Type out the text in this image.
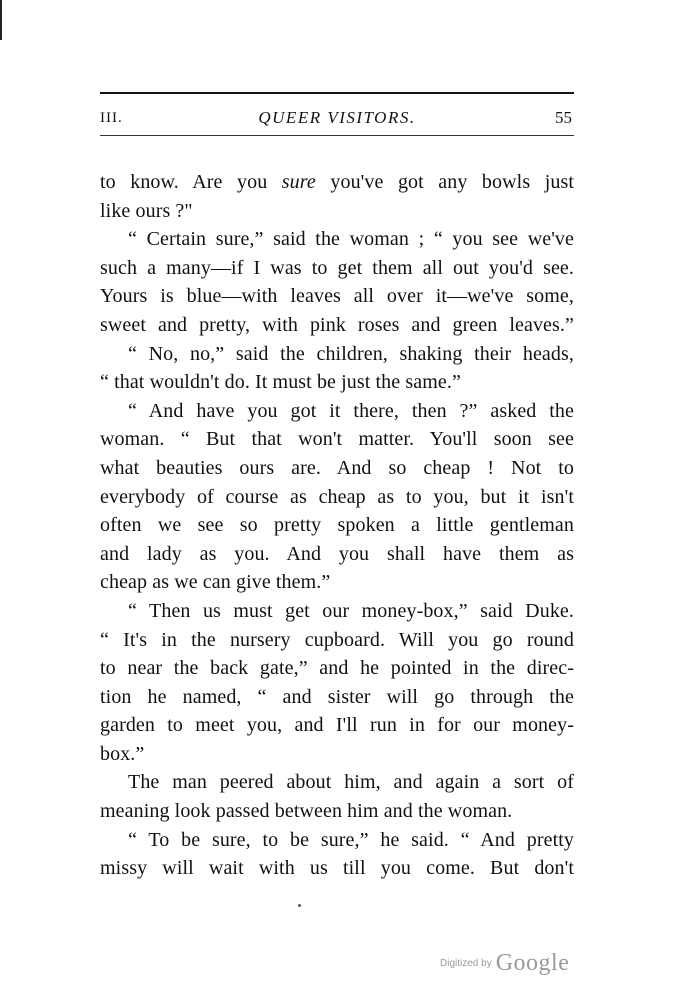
III.	QUEER VISITORS.	55

to know. Are you sure you've got any bowls just

like ours ?"

“ Certain sure,” said the woman ; “ you see we've

such a many—if I was to get them all out you'd see.

Yours is blue—with leaves all over it—we've some,

sweet and pretty, with pink roses and green leaves.”

“ No, no,” said the children, shaking their heads,

“ that wouldn't do. It must be just the same.”

“ And have you got it there, then ?” asked the

woman. “ But that won't matter. You'll soon see

what beauties ours are. And so cheap ! Not to

everybody of course as cheap as to you, but it isn't

often we see so pretty spoken a little gentleman

and lady as you. And you shall have them as

cheap as we can give them.”

“ Then us must get our money-box,” said Duke.

“ It's in the nursery cupboard. Will you go round

to near the back gate,” and he pointed in the direc-

tion he named, “ and sister will go through the

garden to meet you, and I'll run in for our money-

box.”

The man peered about him, and again a sort of

meaning look passed between him and the woman.

“ To be sure, to be sure,” he said. “ And pretty

missy will wait with us till you come. But don't

Digitized by Google
